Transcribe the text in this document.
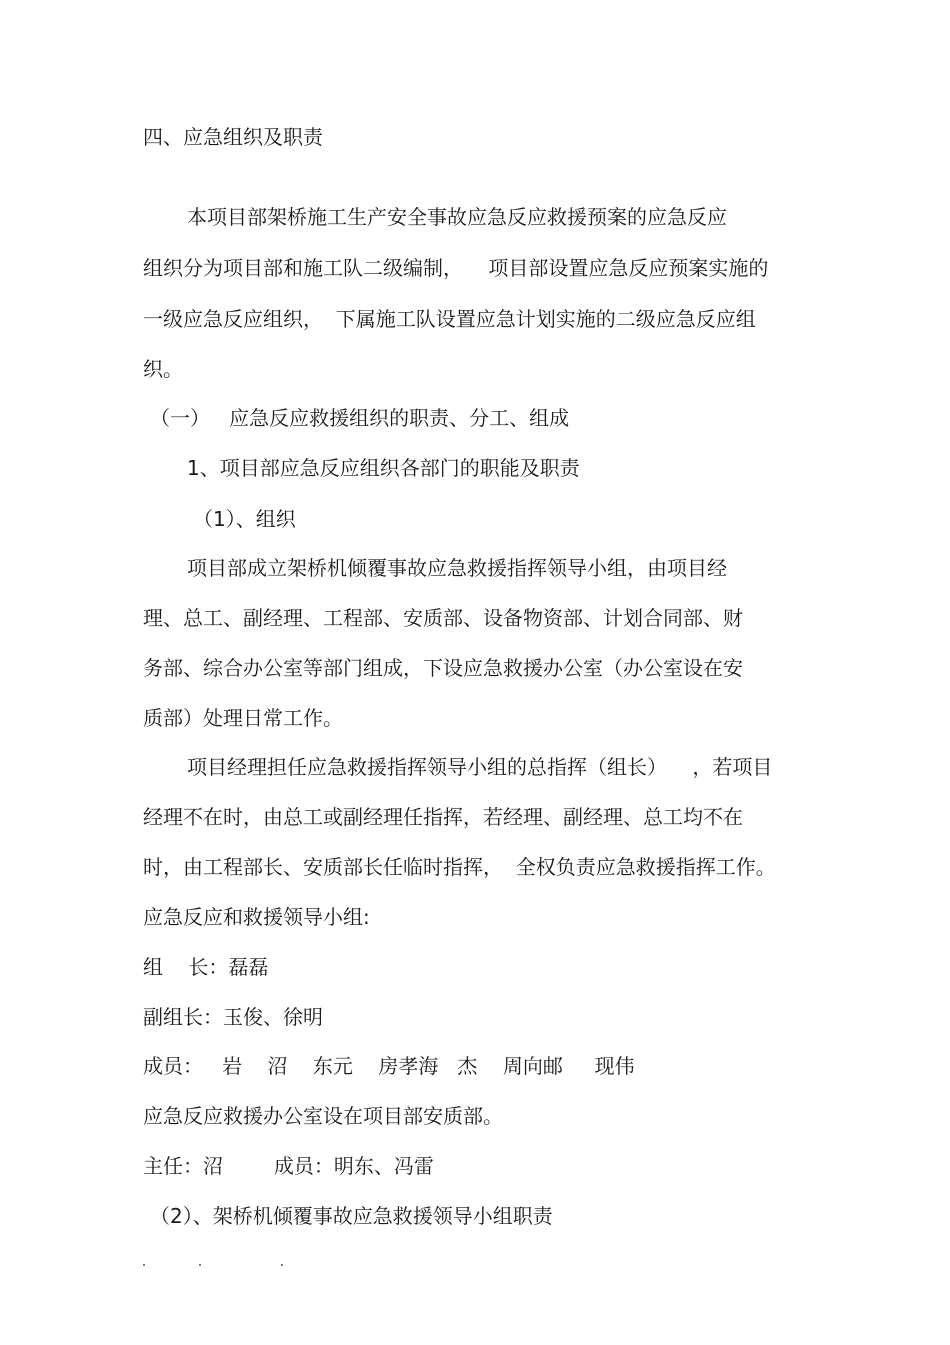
四、应急组织及职责

本项目部架桥施工生产安全事故应急反应救援预案的应急反应

组织分为项目部和施工队二级编制，    项目部设置应急反应预案实施的

一级应急反应组织，  下属施工队设置应急计划实施的二级应急反应组

织。

（一）   应急反应救援组织的职责、分工、组成

1、项目部应急反应组织各部门的职能及职责

（1）、组织

项目部成立架桥机倾覆事故应急救援指挥领导小组，由项目经

理、总工、副经理、工程部、安质部、设备物资部、计划合同部、财

务部、综合办公室等部门组成，下设应急救援办公室（办公室设在安

质部）处理日常工作。

项目经理担任应急救援指挥领导小组的总指挥（组长）    ，若项目

经理不在时，由总工或副经理任指挥，若经理、副经理、总工均不在

时，由工程部长、安质部长任临时指挥，  全权负责应急救援指挥工作。

应急反应和救援领导小组:

组    长：磊磊

副组长：玉俊、徐明

成员：   岩    沼    东元    房孝海   杰    周向邮     现伟

应急反应救援办公室设在项目部安质部。

主任：沼        成员：明东、冯雷

（2）、架桥机倾覆事故应急救援领导小组职责
